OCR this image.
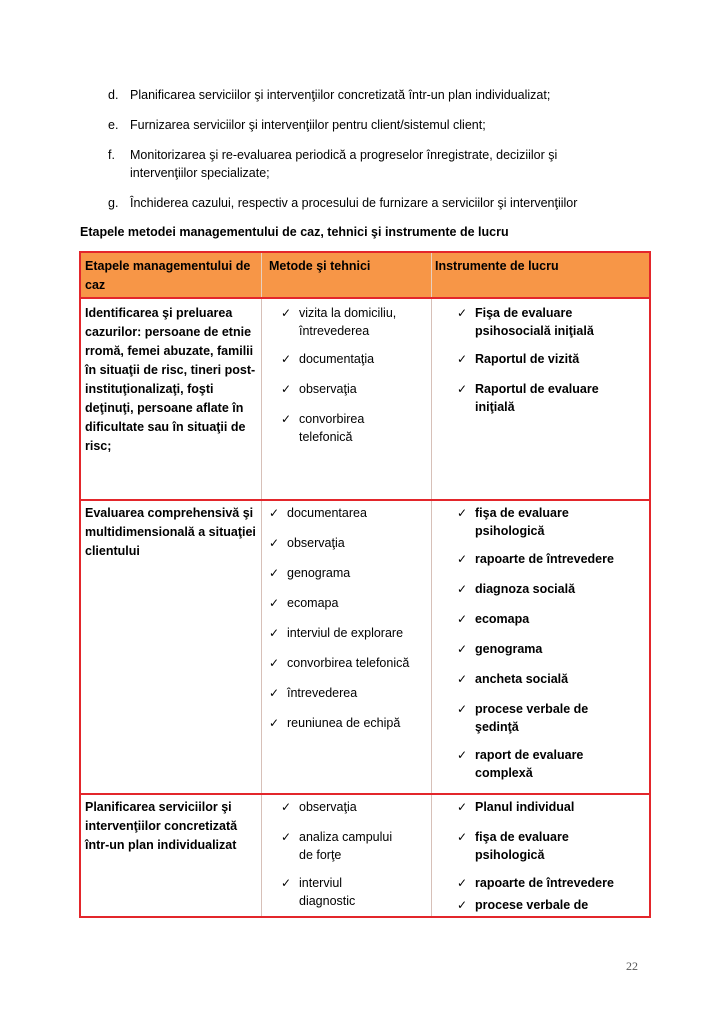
d. Planificarea serviciilor şi intervenţiilor concretizată într-un plan individualizat;
e. Furnizarea serviciilor şi intervenţiilor pentru client/sistemul client;
f.	Monitorizarea şi re-evaluarea periodică a progreselor înregistrate, deciziilor şi intervenţiilor specializate;
g. Închiderea cazului, respectiv a procesului de furnizare a serviciilor şi intervenţiilor
Etapele metodei managementului de caz, tehnici şi instrumente de lucru
Etapele managementului de caz
Metode şi tehnici	Instrumente de lucru
Identificarea şi preluarea cazurilor: persoane de etnie rromă, femei abuzate, familii în situaţii de risc, tineri post-instituţionalizaţi, foşti deţinuţi, persoane aflate în dificultate sau în situaţii de risc;
✓ vizita la domiciliu, întrevederea
✓ documentaţia
✓ observaţia
✓ convorbirea telefonică
✓ Fişa de evaluare psihosocială iniţială
✓ Raportul de vizită
✓ Raportul de evaluare iniţială
Evaluarea comprehensivă şi multidimensională a situaţiei clientului
✓ documentarea
✓ observaţia
✓ genograma
✓ ecomapa
✓ interviul de explorare
✓ convorbirea telefonică
✓ întrevederea
✓ reuniunea de echipă
✓ fişa de evaluare psihologică
✓ rapoarte de întrevedere
✓ diagnoza socială
✓ ecomapa
✓ genograma
✓ ancheta socială
✓ procese verbale de şedinţă
✓ raport de evaluare complexă
Planificarea serviciilor şi intervenţiilor concretizată într-un plan individualizat
✓ observaţia
✓ analiza campului de forţe
✓ interviul diagnostic
✓ Planul individual
✓ fişa de evaluare psihologică
✓ rapoarte de întrevedere
✓ procese verbale de
22
